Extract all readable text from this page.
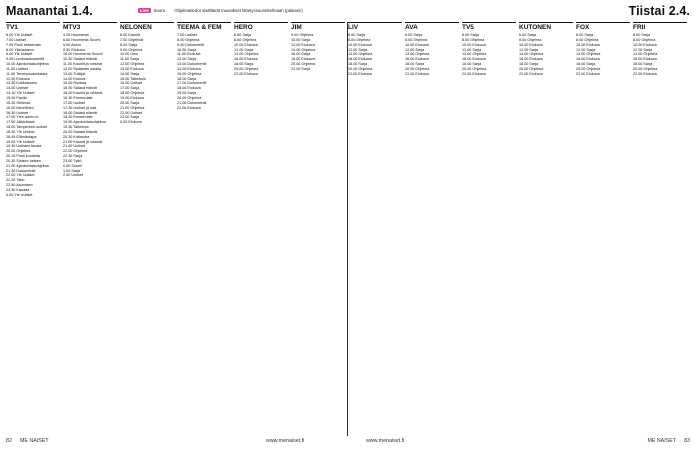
Maanantai 1.4.	Live Suora Ohjelmatiedot sisältävät muutokset lähetyssuunnitelmaan (pääosin)	Tiistai 2.4.
TV1
6.00 Yle Uutiset
7.00 Uutiset
7.05 Puoli seitsemän
8.00 Ykkösaamu
9.00 Yle Uutiset
9.05 Luontodokumentti
10.00 Ajankohtaisohjelma
11.00 Uutiset
11.05 Terveyssukelluksia
12.00 Elokuva
13.30 Kotikatsomo
14.00 Uutiset
14.10 Yle Uutiset
15.00 Pasila
15.30 Strömsö
16.00 Merellinen
16.30 Uutiset
17.00 Ylen aamu-tv
17.50 Jälkiviisaat
18.00 Tampereen uutiset
18.30 Yle Urheilu
18.45 Elämäntapa
19.00 Yle Uutiset
19.30 Uutisten tausta
20.00 Ohjelma
20.15 Puoli kuudelta
20.30 Sinisen hetken
21.00 Ajankohtaisohjelma
21.30 Dokumentti
22.00 Yle Uutiset
22.20 Tabu
22.50 Asumisen
23.30 Kanada
0.00 Yle Uutiset
MTV3
4.25 Huomenta
6.00 Huomenta Suomi
9.00 Aamu
9.30 Elokuva
10.00 Huomenta Suomi
10.30 Salatut elämät
11.00 Kauniit ja rohkeat
12.00 Sydämen asialla
13.00 Tutkijat
14.00 Kotona
15.00 Ruokaa
15.30 Salatut elämät
16.00 Kauniit ja rohkeat
16.30 Emmerdale
17.00 Uutiset
17.30 Uutiset ja sää
18.00 Salatut elämät
18.30 Emmerdale
19.00 Ajankohtaisohjelma
19.30 Talkshow
20.00 Salatut elämät
20.30 Kotiruoka
21.00 Kauniit ja rohkeat
21.30 Uutiset
22.00 Ohjelma
22.30 Sarja
23.00 Tyttö
0.00 Suomi
1.00 Sarja
2.00 Uutiset
NELONEN
6.00 Kauniit
7.00 Ohjelmat
8.00 Sarja
9.00 Ohjelma
10.00 Uusi
11.00 Sarja
12.00 Ohjelma
13.00 Elokuva
14.00 Sarja
15.00 Talkshow
16.00 Uutiset
17.00 Sarja
18.00 Ohjelma
19.00 Elokuva
20.00 Sarja
21.00 Ohjelma
22.00 Uutiset
23.00 Sarja
0.00 Elokuva
TEEMA & FEM
7.00 Uutiset
8.00 Ohjelma
9.00 Dokumentti
10.00 Sarja
11.00 Elokuva
12.00 Sarja
13.00 Dokumentti
14.00 Elokuva
15.00 Ohjelma
16.00 Sarja
17.00 Dokumentti
18.00 Elokuva
19.00 Sarja
20.00 Ohjelma
21.00 Dokumentti
22.00 Elokuva
HERO
6.00 Sarja
8.00 Ohjelma
10.00 Elokuva
12.00 Sarja
14.00 Ohjelma
16.00 Elokuva
18.00 Sarja
20.00 Ohjelma
22.00 Elokuva
JIM
9.00 Ohjelma
10.00 Sarja
12.00 Elokuva
14.00 Ohjelma
16.00 Sarja
18.00 Elokuva
20.00 Ohjelma
22.00 Sarja
LIV
6.00 Sarja
8.00 Ohjelma
10.00 Elokuva
12.00 Sarja
14.00 Ohjelma
16.00 Elokuva
18.00 Sarja
20.00 Ohjelma
22.00 Elokuva
AVA
6.00 Sarja
8.00 Ohjelma
10.00 Elokuva
12.00 Sarja
14.00 Ohjelma
16.00 Elokuva
18.00 Sarja
20.00 Ohjelma
22.00 Elokuva
TV5
6.00 Sarja
8.00 Ohjelma
10.00 Elokuva
12.00 Sarja
14.00 Ohjelma
16.00 Elokuva
18.00 Sarja
20.00 Ohjelma
22.00 Elokuva
KUTONEN
6.00 Sarja
8.00 Ohjelma
10.00 Elokuva
12.00 Sarja
14.00 Ohjelma
16.00 Elokuva
18.00 Sarja
20.00 Ohjelma
22.00 Elokuva
FOX
6.00 Sarja
8.00 Ohjelma
10.00 Elokuva
12.00 Sarja
14.00 Ohjelma
16.00 Elokuva
18.00 Sarja
20.00 Ohjelma
22.00 Elokuva
FRII
6.00 Sarja
8.00 Ohjelma
10.00 Elokuva
12.00 Sarja
14.00 Ohjelma
16.00 Elokuva
18.00 Sarja
20.00 Ohjelma
22.00 Elokuva
82 ME NAISET	www.menaiset.fi	www.menaiset.fi	ME NAISET 83
